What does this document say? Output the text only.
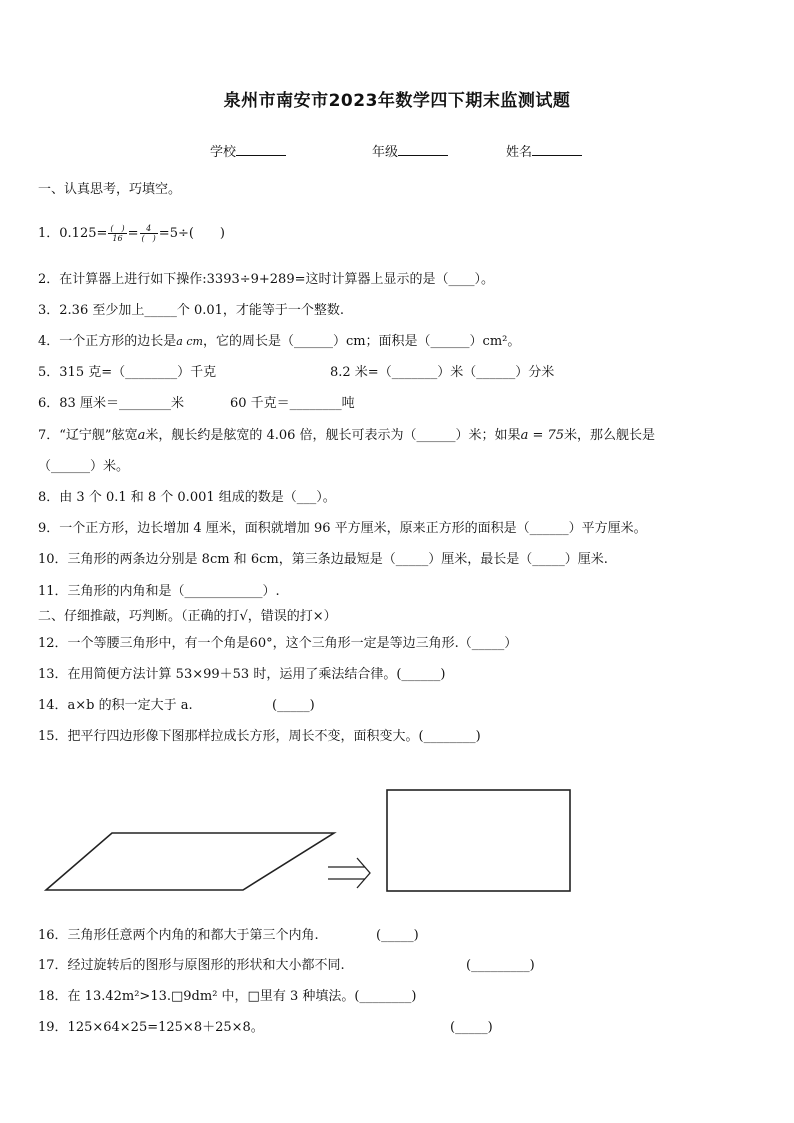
泉州市南安市2023年数学四下期末监测试题
学校	年级	姓名
一、认真思考，巧填空。
1．$0.125= \frac{( )}{16} = \frac{4}{( )} =5\div$(　　)
2．在计算器上进行如下操作:3393÷9+289=这时计算器上显示的是（____）。
3．2.36 至少加上_____个 0.01，才能等于一个整数.
4．一个正方形的边长是a cm，它的周长是（______）cm；面积是（______）cm²。
5．315 克=（________）千克	8.2 米=（_______）米（______）分米
6．83 厘米＝________米	60 千克＝________吨
7．“辽宁舰”舷宽a米，舰长约是舷宽的 4.06 倍，舰长可表示为（______）米；如果a = 75米，那么舰长是
（______）米。
8．由 3 个 0.1 和 8 个 0.001 组成的数是（___）。
9．一个正方形，边长增加 4 厘米，面积就增加 96 平方厘米，原来正方形的面积是（______）平方厘米。
10．三角形的两条边分别是 8cm 和 6cm，第三条边最短是（_____）厘米，最长是（_____）厘米.
11．三角形的内角和是（____________）.
二、仔细推敲，巧判断。（正确的打√，错误的打×）
12．一个等腰三角形中，有一个角是60°，这个三角形一定是等边三角形.（_____）
13．在用简便方法计算 53×99＋53 时，运用了乘法结合律。(______)
14．a×b 的积一定大于 a.	(_____)
15．把平行四边形像下图那样拉成长方形，周长不变，面积变大。(________)
16．三角形任意两个内角的和都大于第三个内角.	(_____)
17．经过旋转后的图形与原图形的形状和大小都不同.	(_________)
18．在 13.42m²>13.□9dm² 中，□里有 3 种填法。(________)
19．125×64×25=125×8＋25×8。	(_____)
